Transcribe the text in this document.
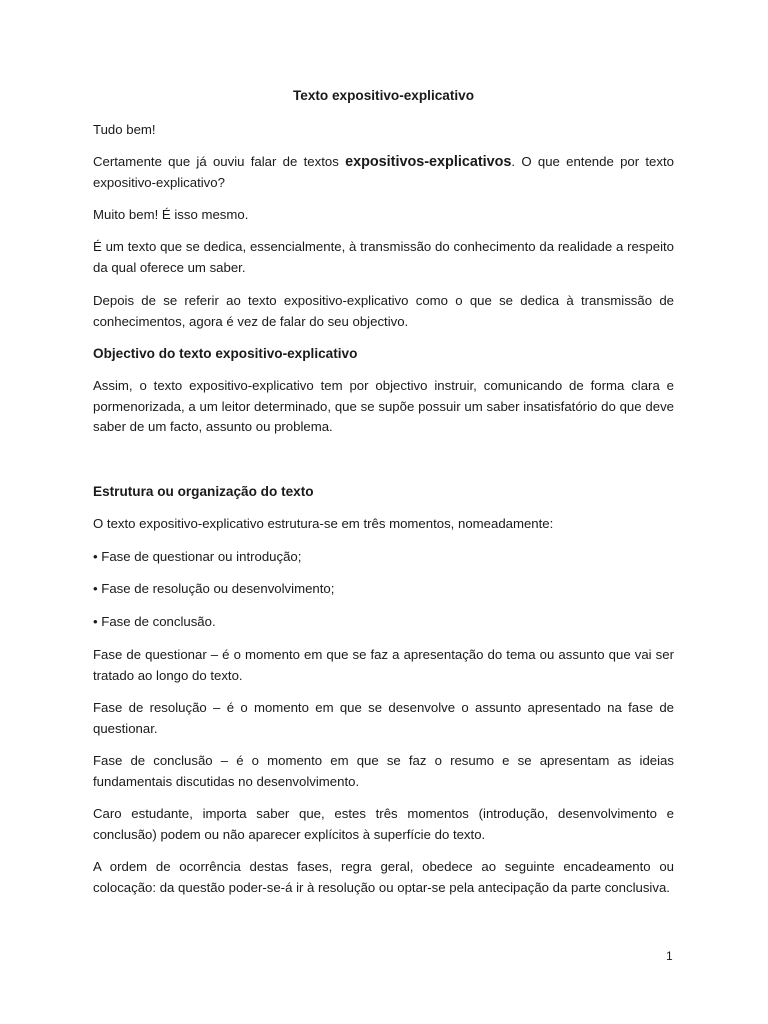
Texto expositivo-explicativo

Tudo bem!

Certamente que já ouviu falar de textos expositivos-explicativos. O que entende por texto expositivo-explicativo?

Muito bem! É isso mesmo.

É um texto que se dedica, essencialmente, à transmissão do conhecimento da realidade a respeito da qual oferece um saber.

Depois de se referir ao texto expositivo-explicativo como o que se dedica à transmissão de conhecimentos, agora é vez de falar do seu objectivo.

Objectivo do texto expositivo-explicativo

Assim, o texto expositivo-explicativo tem por objectivo instruir, comunicando de forma clara e pormenorizada, a um leitor determinado, que se supõe possuir um saber insatisfatório do que deve saber de um facto, assunto ou problema.

Estrutura ou organização do texto

O texto expositivo-explicativo estrutura-se em três momentos, nomeadamente:

• Fase de questionar ou introdução;

• Fase de resolução ou desenvolvimento;

• Fase de conclusão.

Fase de questionar – é o momento em que se faz a apresentação do tema ou assunto que vai ser tratado ao longo do texto.

Fase de resolução – é o momento em que se desenvolve o assunto apresentado na fase de questionar.

Fase de conclusão – é o momento em que se faz o resumo e se apresentam as ideias fundamentais discutidas no desenvolvimento.

Caro estudante, importa saber que, estes três momentos (introdução, desenvolvimento e conclusão) podem ou não aparecer explícitos à superfície do texto.

A ordem de ocorrência destas fases, regra geral, obedece ao seguinte encadeamento ou colocação: da questão poder-se-á ir à resolução ou optar-se pela antecipação da parte conclusiva.

1
